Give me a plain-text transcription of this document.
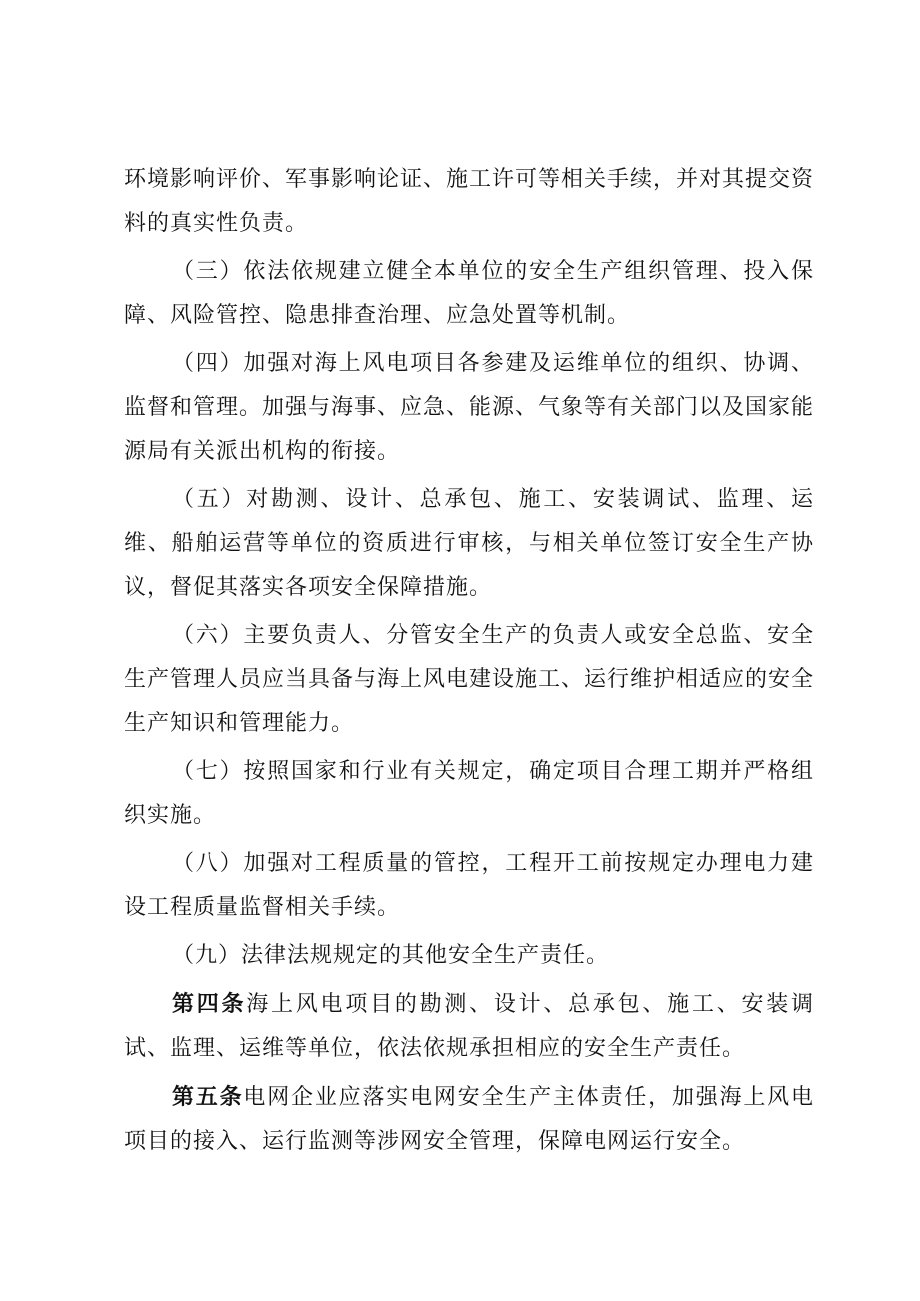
环境影响评价、军事影响论证、施工许可等相关手续，并对其提交资料的真实性负责。

（三）依法依规建立健全本单位的安全生产组织管理、投入保障、风险管控、隐患排查治理、应急处置等机制。

（四）加强对海上风电项目各参建及运维单位的组织、协调、监督和管理。加强与海事、应急、能源、气象等有关部门以及国家能源局有关派出机构的衔接。

（五）对勘测、设计、总承包、施工、安装调试、监理、运维、船舶运营等单位的资质进行审核，与相关单位签订安全生产协议，督促其落实各项安全保障措施。

（六）主要负责人、分管安全生产的负责人或安全总监、安全生产管理人员应当具备与海上风电建设施工、运行维护相适应的安全生产知识和管理能力。

（七）按照国家和行业有关规定，确定项目合理工期并严格组织实施。

（八）加强对工程质量的管控，工程开工前按规定办理电力建设工程质量监督相关手续。

（九）法律法规规定的其他安全生产责任。

第四条海上风电项目的勘测、设计、总承包、施工、安装调试、监理、运维等单位，依法依规承担相应的安全生产责任。

第五条电网企业应落实电网安全生产主体责任，加强海上风电项目的接入、运行监测等涉网安全管理，保障电网运行安全。
